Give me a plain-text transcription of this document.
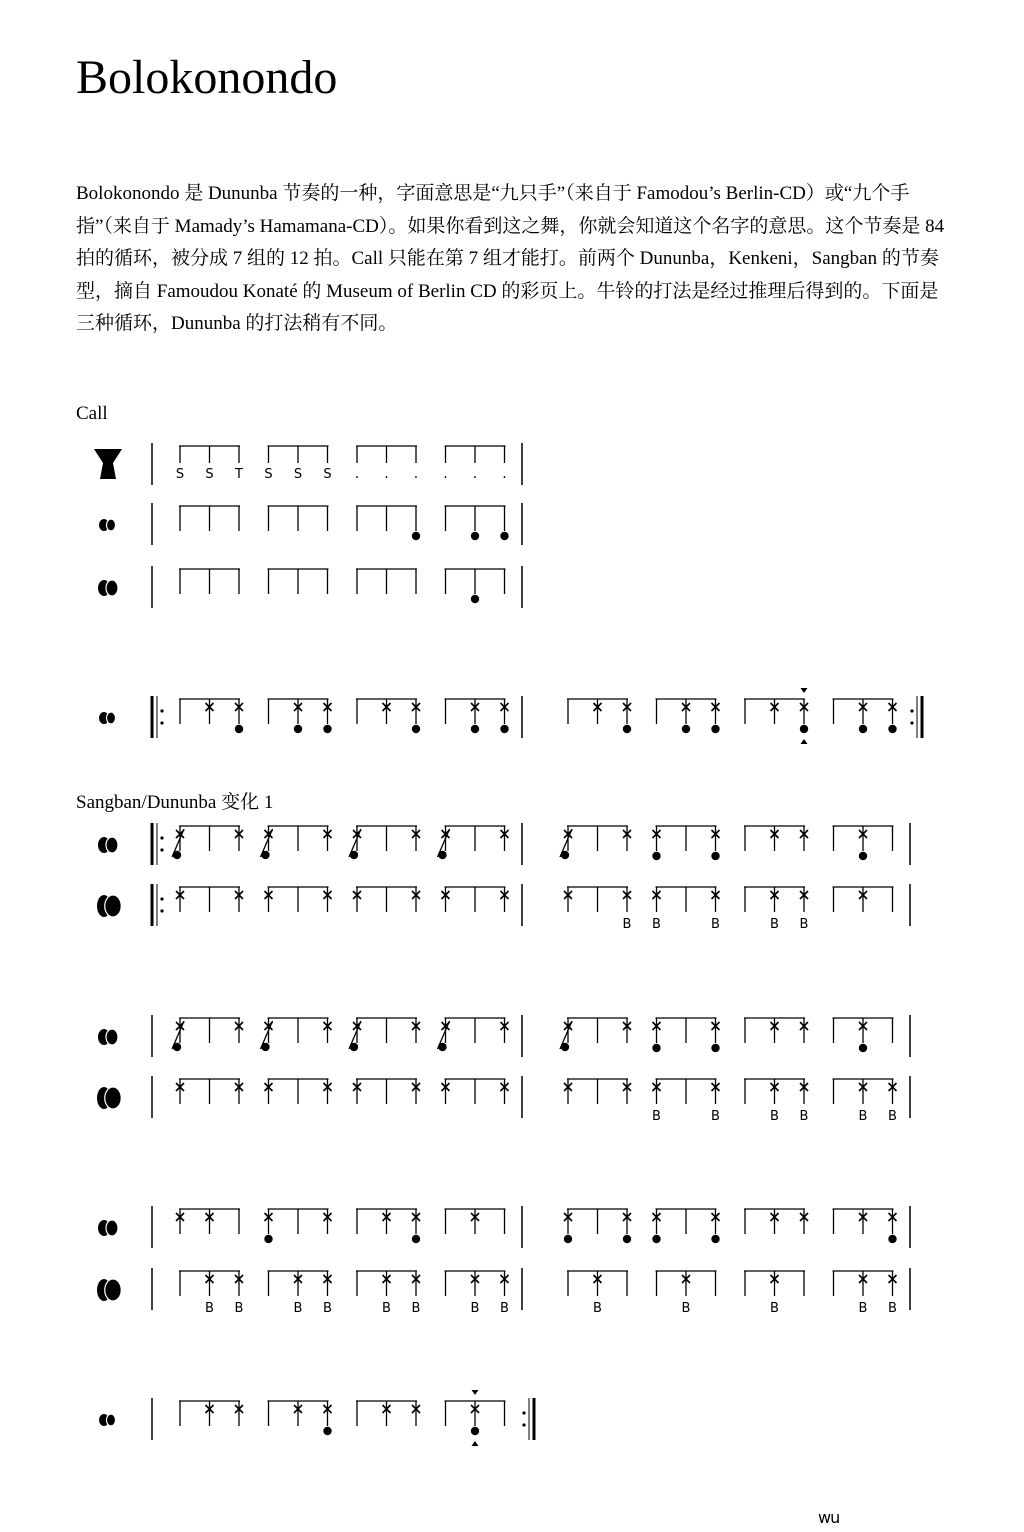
Bolokonondo

Bolokonondo 是 Dununba 节奏的一种，字面意思是“九只手”（来自于 Famodou’s Berlin-CD）或“九个手指”（来自于 Mamady’s Hamamana-CD）。如果你看到这之舞，你就会知道这个名字的意思。这个节奏是 84 拍的循环，被分成 7 组的 12 拍。Call 只能在第 7 组才能打。前两个 Dununba，Kenkeni，Sangban 的节奏型，摘自 Famoudou Konaté 的 Museum of Berlin CD 的彩页上。牛铃的打法是经过推理后得到的。下面是三种循环，Dununba 的打法稍有不同。

Call
Sangban/Dununba 变化 1
S S T S S S . . . . . .
B B	B	B B
B	B	B B	B B
B B	B B	B B	B B	B	B	B	B B
wu
